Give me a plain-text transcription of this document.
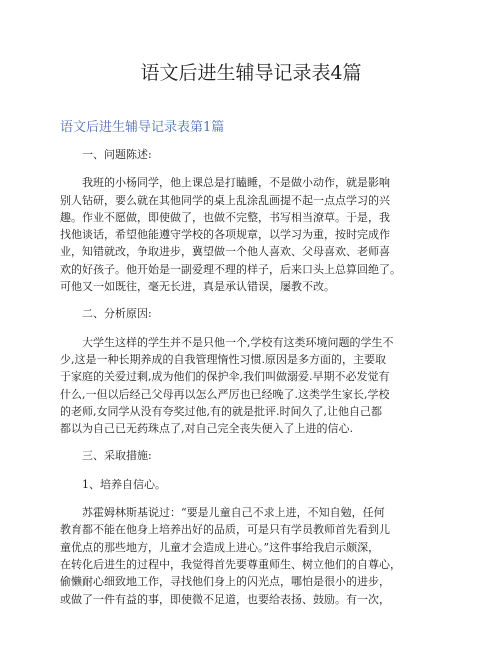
语文后进生辅导记录表4篇
语文后进生辅导记录表第1篇
一、问题陈述:
我班的小杨同学，他上课总是打瞌睡，不是做小动作，就是影响
别人钻研，要么就在其他同学的桌上乱涂乱画提不起一点点学习的兴
趣。作业不愿做，即使做了，也做不完整，书写相当潦草。于是，我
找他谈话，希望他能遵守学校的各项规章，以学习为重，按时完成作
业，知错就改，争取进步，冀望做一个他人喜欢、父母喜欢、老师喜
欢的好孩子。他开始是一副爱理不理的样子，后来口头上总算回绝了。
可他又一如既往，毫无长进，真是承认错误，屡教不改。
二、分析原因:
大学生这样的学生并不是只他一个,学校有这类环境问题的学生不
少,这是一种长期养成的自我管理惰性习惯.原因是多方面的，主要取
于家庭的关爱过剩,成为他们的保护伞,我们叫做溺爱.早期不必发觉有
什么,一但以后经己父母再以怎么严厉也已经晚了.这类学生家长,学校
的老师,女同学从没有夸奖过他,有的就是批评.时间久了,让他自己都
都以为自己已无药珠点了,对自己完全丧失便入了上进的信心.
三、采取措施:
1、培养自信心。
苏霍姆林斯基说过：“要是儿童自己不求上进，不知自勉，任何
教育都不能在他身上培养出好的品质，可是只有学员教师首先看到儿
童优点的那些地方，儿童才会造成上进心。”这件事给我启示颇深，
在转化后进生的过程中，我觉得首先要尊重师生、树立他们的自尊心，
偷懒耐心细致地工作，寻找他们身上的闪光点，哪怕是很小的进步，
或做了一件有益的事，即使微不足道，也要给表扬、鼓励。有一次，
